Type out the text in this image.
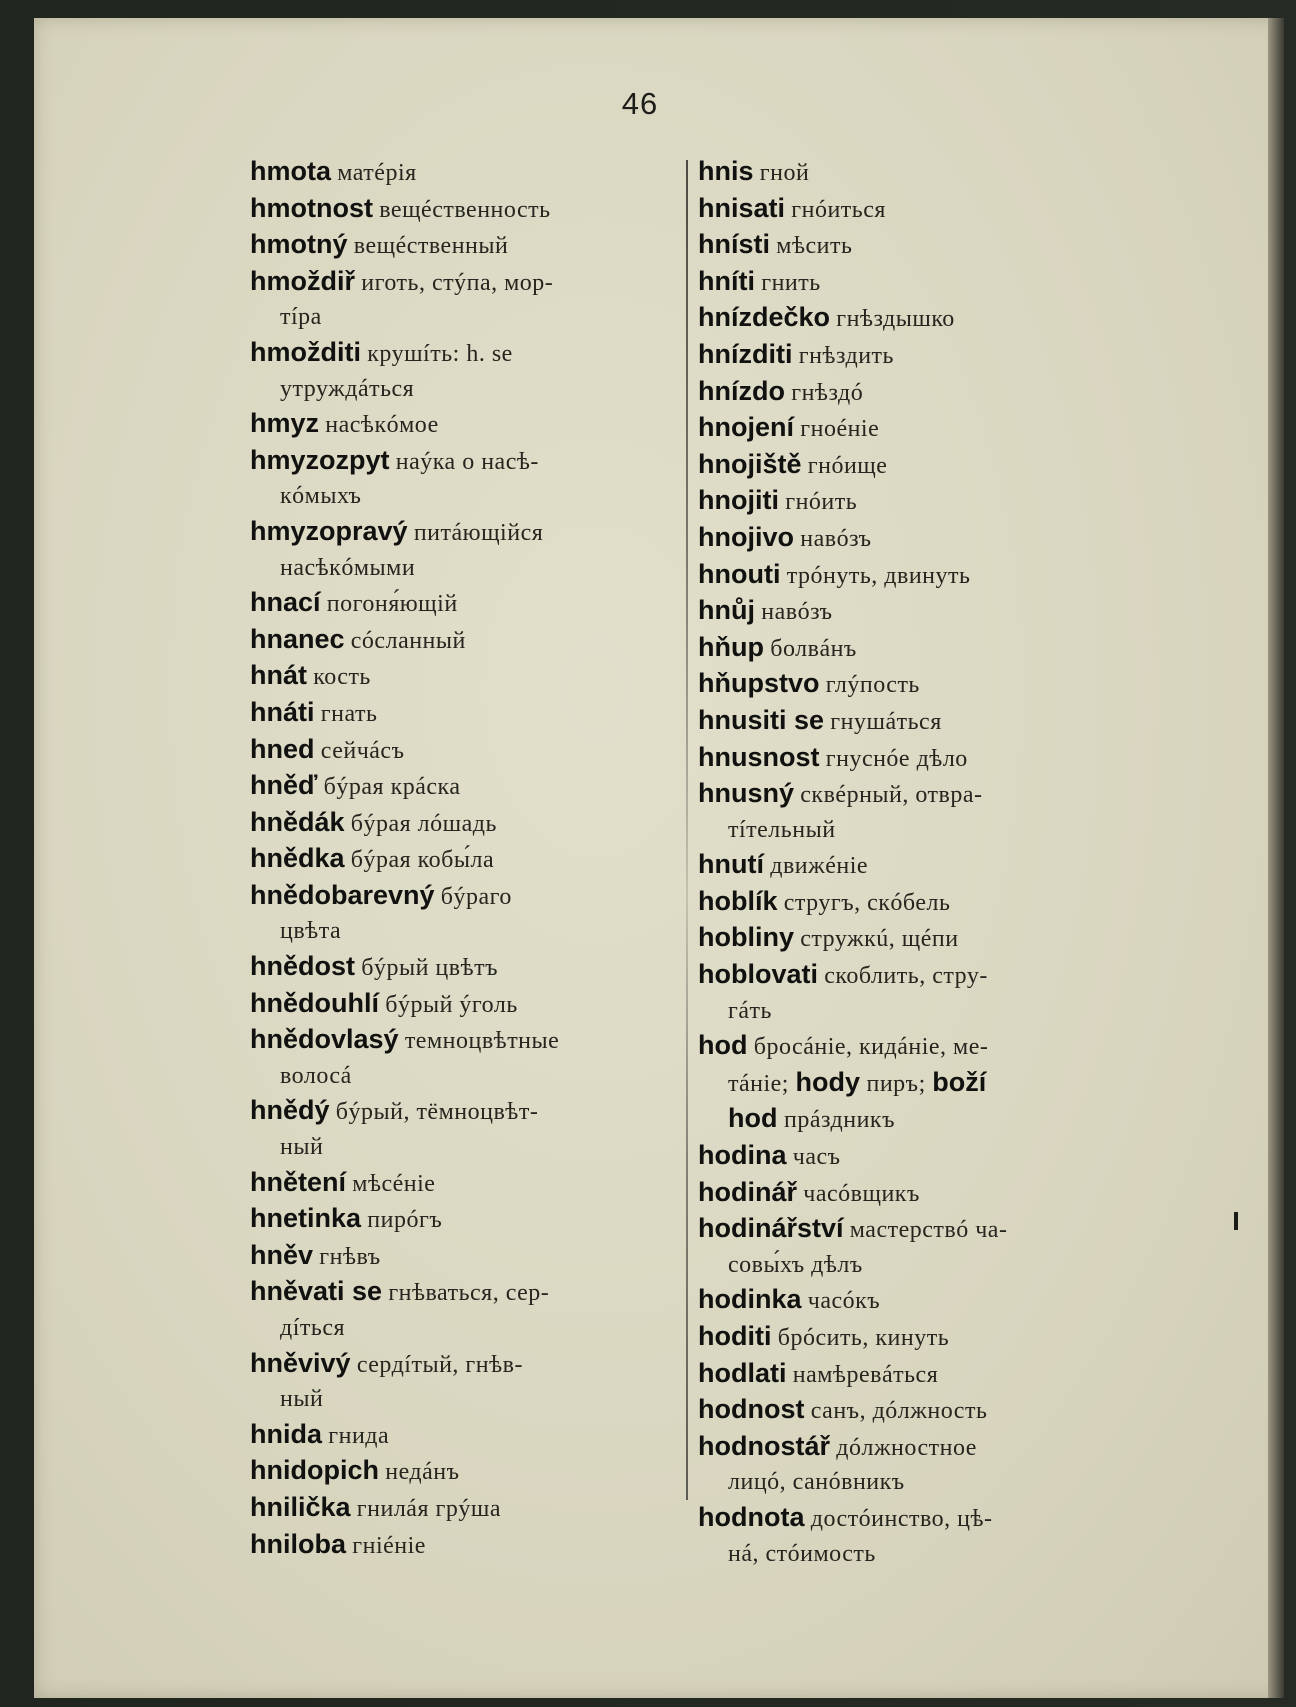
46
hmota матéрія
hmotnost вещéственность
hmotný вещéственный
hmoždiř иготь, стýпа, мор-
тíра
hmožditi крушíть: h. se
утруждáться
hmyz насѣкóмое
hmyzozpyt наýка о насѣ-
кóмыхъ
hmyzopravý питáющійся
насѣкóмыми
hnací погоня́ющій
hnanec сóсланный
hnát кость
hnáti гнать
hned сейчáсъ
hněď бýрая крáска
hnědák бýрая лóшадь
hnědka бýрая кобы́ла
hnědobarevný бýраго
цвѣта
hnědost бýрый цвѣтъ
hnědouhlí бýрый ýголь
hnědovlasý темноцвѣтные
волосá
hnědý бýрый, тёмноцвѣт-
ный
hnětení мѣсéніе
hnetinka пирóгъ
hněv гнѣвъ
hněvati se гнѣваться, сер-
дíться
hněvivý сердíтый, гнѣв-
ный
hnida гнида
hnidopich недáнъ
hnilička гнилáя грýша
hniloba гніéніе
hnis гной
hnisati гнóиться
hnísti мѣсить
hníti гнить
hnízdečko гнѣздышко
hnízditi гнѣздить
hnízdo гнѣздó
hnojení гноéніе
hnojiště гнóище
hnojiti гнóить
hnojivo навóзъ
hnouti трóнуть, двинуть
hnůj навóзъ
hňup болвáнъ
hňupstvo глýпость
hnusiti se гнушáться
hnusnost гнуснóе дѣло
hnusný сквéрный, отвра-
тíтельный
hnutí движéніе
hoblík стругъ, скóбель
hobliny стружкú, щéпи
hoblovati скоблить, стру-
гáть
hod бросáніе, кидáніе, ме-
тáніе; hody пиръ; boží
hod прáздникъ
hodina часъ
hodinář часóвщикъ
hodinářství мастерствó ча-
совы́хъ дѣлъ
hodinka часóкъ
hoditi брóсить, кинуть
hodlati намѣревáться
hodnost санъ, дóлжность
hodnostář дóлжностное
лицó, санóвникъ
hodnota достóинство, цѣ-
нá, стóимость
